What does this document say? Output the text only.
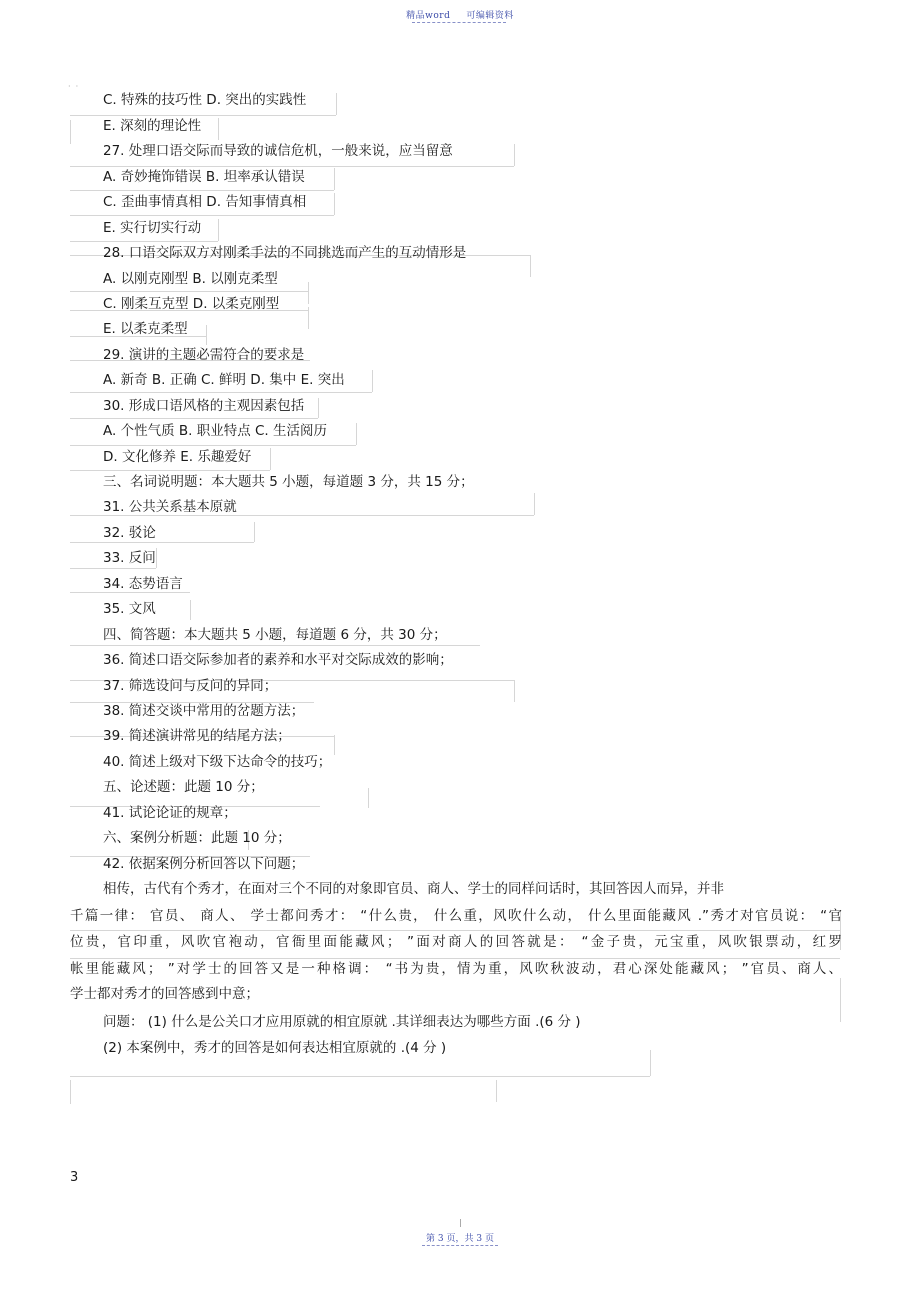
精品word 可编辑资料
·  ·
C. 特殊的技巧性 D. 突出的实践性
E. 深刻的理论性
27. 处理口语交际而导致的诚信危机，一般来说，应当留意
A. 奇妙掩饰错误 B. 坦率承认错误
C. 歪曲事情真相 D. 告知事情真相
E. 实行切实行动
28. 口语交际双方对刚柔手法的不同挑选而产生的互动情形是
A. 以刚克刚型 B. 以刚克柔型
C. 刚柔互克型 D. 以柔克刚型
E. 以柔克柔型
29. 演讲的主题必需符合的要求是
A. 新奇 B. 正确 C. 鲜明 D. 集中 E. 突出
30. 形成口语风格的主观因素包括
A. 个性气质 B. 职业特点 C. 生活阅历
D. 文化修养 E. 乐趣爱好
三、名词说明题：本大题共 5 小题，每道题 3 分，共 15 分；
31. 公共关系基本原就
32. 驳论
33. 反问
34. 态势语言
35. 文风
四、简答题：本大题共 5 小题，每道题 6 分，共 30 分；
36. 简述口语交际参加者的素养和水平对交际成效的影响；
37. 筛选设问与反问的异同；
38. 简述交谈中常用的岔题方法；
39. 简述演讲常见的结尾方法；
40. 简述上级对下级下达命令的技巧；
五、论述题：此题 10 分；
41. 试论论证的规章；
六、案例分析题：此题 10 分；
42. 依据案例分析回答以下问题；
相传，古代有个秀才，在面对三个不同的对象即官员、商人、学士的同样问话时，其回答因人而异，并非
千篇一律： 官员、 商人、 学士都问秀才： “什么贵， 什么重，风吹什么动， 什么里面能藏风 .”秀才对官员说： “官
位贵，官印重，风吹官袍动，官衙里面能藏风； ”面对商人的回答就是： “金子贵，元宝重，风吹银票动，红罗
帐里能藏风； ”对学士的回答又是一种格调： “书为贵，情为重，风吹秋波动，君心深处能藏风； ”官员、商人、
学士都对秀才的回答感到中意；
问题： (1) 什么是公关口才应用原就的相宜原就 .其详细表达为哪些方面 .(6 分 )
(2) 本案例中，秀才的回答是如何表达相宜原就的 .(4 分 )
3
第 3 页，共 3 页
